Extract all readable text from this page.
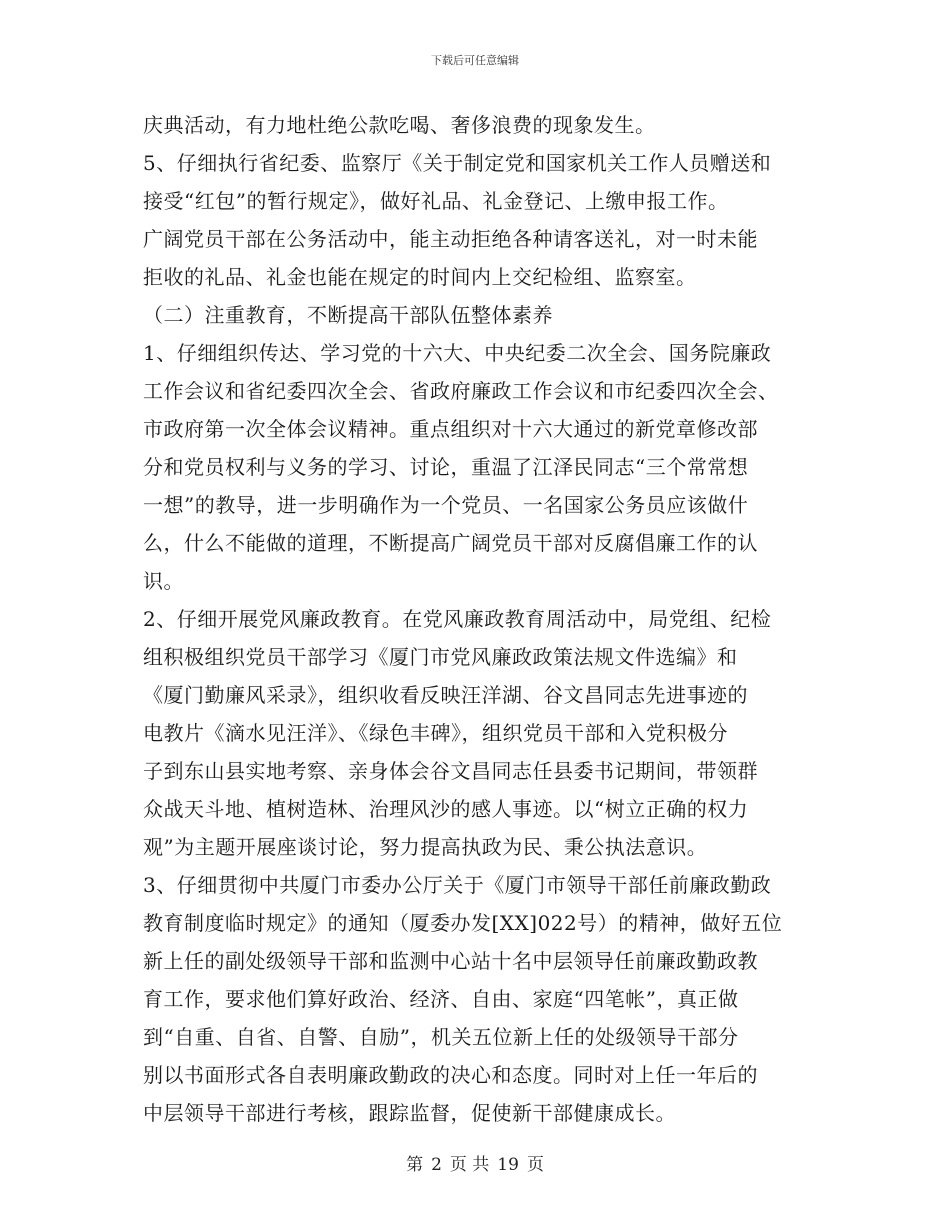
下载后可任意编辑
庆典活动，有力地杜绝公款吃喝、奢侈浪费的现象发生。
5、仔细执行省纪委、监察厅《关于制定党和国家机关工作人员赠送和
接受“红包”的暂行规定》，做好礼品、礼金登记、上缴申报工作。
广阔党员干部在公务活动中，能主动拒绝各种请客送礼，对一时未能
拒收的礼品、礼金也能在规定的时间内上交纪检组、监察室。
（二）注重教育，不断提高干部队伍整体素养
1、仔细组织传达、学习党的十六大、中央纪委二次全会、国务院廉政
工作会议和省纪委四次全会、省政府廉政工作会议和市纪委四次全会、
市政府第一次全体会议精神。重点组织对十六大通过的新党章修改部
分和党员权利与义务的学习、讨论，重温了江泽民同志“三个常常想
一想”的教导，进一步明确作为一个党员、一名国家公务员应该做什
么，什么不能做的道理，不断提高广阔党员干部对反腐倡廉工作的认
识。
2、仔细开展党风廉政教育。在党风廉政教育周活动中，局党组、纪检
组积极组织党员干部学习《厦门市党风廉政政策法规文件选编》和
《厦门勤廉风采录》，组织收看反映汪洋湖、谷文昌同志先进事迹的
电教片《滴水见汪洋》、《绿色丰碑》，组织党员干部和入党积极分
子到东山县实地考察、亲身体会谷文昌同志任县委书记期间，带领群
众战天斗地、植树造林、治理风沙的感人事迹。以“树立正确的权力
观”为主题开展座谈讨论，努力提高执政为民、秉公执法意识。
3、仔细贯彻中共厦门市委办公厅关于《厦门市领导干部任前廉政勤政
教育制度临时规定》的通知（厦委办发[XX]022号）的精神，做好五位
新上任的副处级领导干部和监测中心站十名中层领导任前廉政勤政教
育工作，要求他们算好政治、经济、自由、家庭“四笔帐”，真正做
到“自重、自省、自警、自励”，机关五位新上任的处级领导干部分
别以书面形式各自表明廉政勤政的决心和态度。同时对上任一年后的
中层领导干部进行考核，跟踪监督，促使新干部健康成长。
第 2 页 共 19 页
